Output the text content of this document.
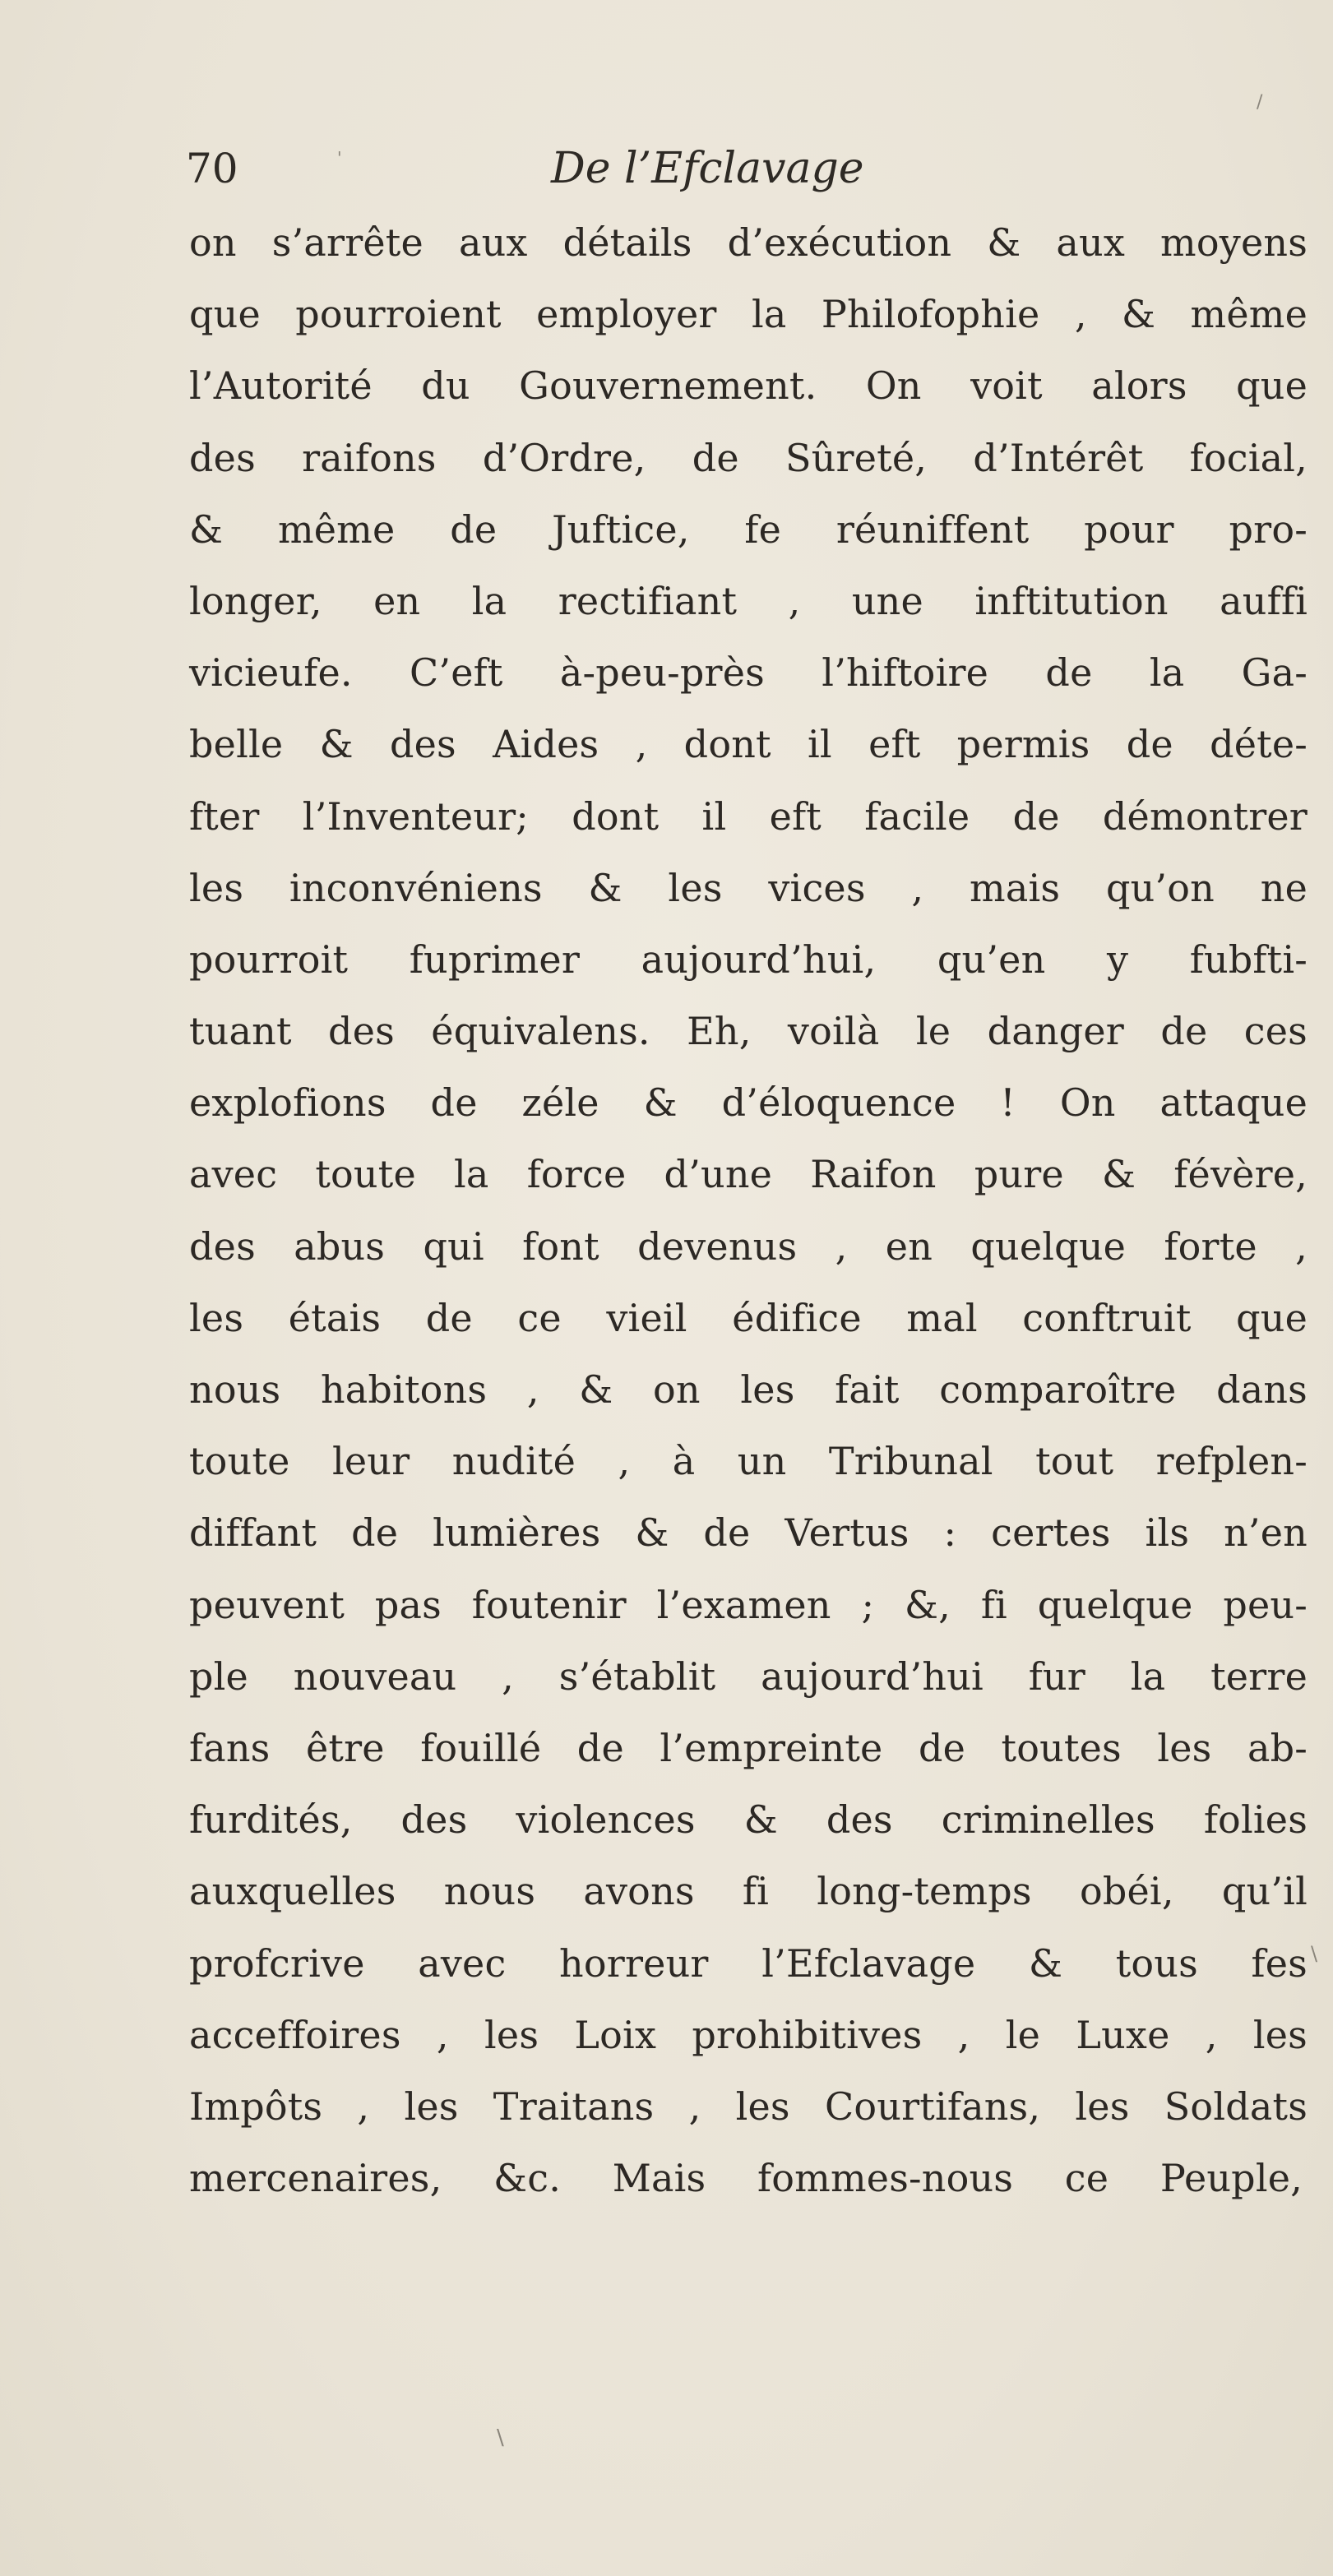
70	De l’Efclavage
on s’arrête aux détails d’exécution & aux moyens
que pourroient employer la Philofophie , & même
l’Autorité du Gouvernement. On voit alors que
des raifons d’Ordre, de Sûreté, d’Intérêt focial,
& même de Juftice, fe réuniffent pour pro-
longer, en la rectifiant , une inftitution auffi
vicieufe. C’eft à-peu-près l’hiftoire de la Ga-
belle & des Aides , dont il eft permis de déte-
fter l’Inventeur; dont il eft facile de démontrer
les inconvéniens & les vices , mais qu’on ne
pourroit fuprimer aujourd’hui, qu’en y fubfti-
tuant des équivalens. Eh, voilà le danger de ces
explofions de zéle & d’éloquence ! On attaque
avec toute la force d’une Raifon pure & févère,
des abus qui font devenus , en quelque forte ,
les étais de ce vieil édifice mal conftruit que
nous habitons , & on les fait comparoître dans
toute leur nudité , à un Tribunal tout refplen-
diffant de lumières & de Vertus : certes ils n’en
peuvent pas foutenir l’examen ; &, fi quelque peu-
ple nouveau , s’établit aujourd’hui fur la terre
fans être fouillé de l’empreinte de toutes les ab-
furdités, des violences & des criminelles folies
auxquelles nous avons fi long-temps obéi, qu’il
profcrive avec horreur l’Efclavage & tous fes
acceffoires , les Loix prohibitives , le Luxe , les
Impôts , les Traitans , les Courtifans, les Soldats
mercenaires, &c. Mais fommes-nous ce Peuple,
/
'
\
\
